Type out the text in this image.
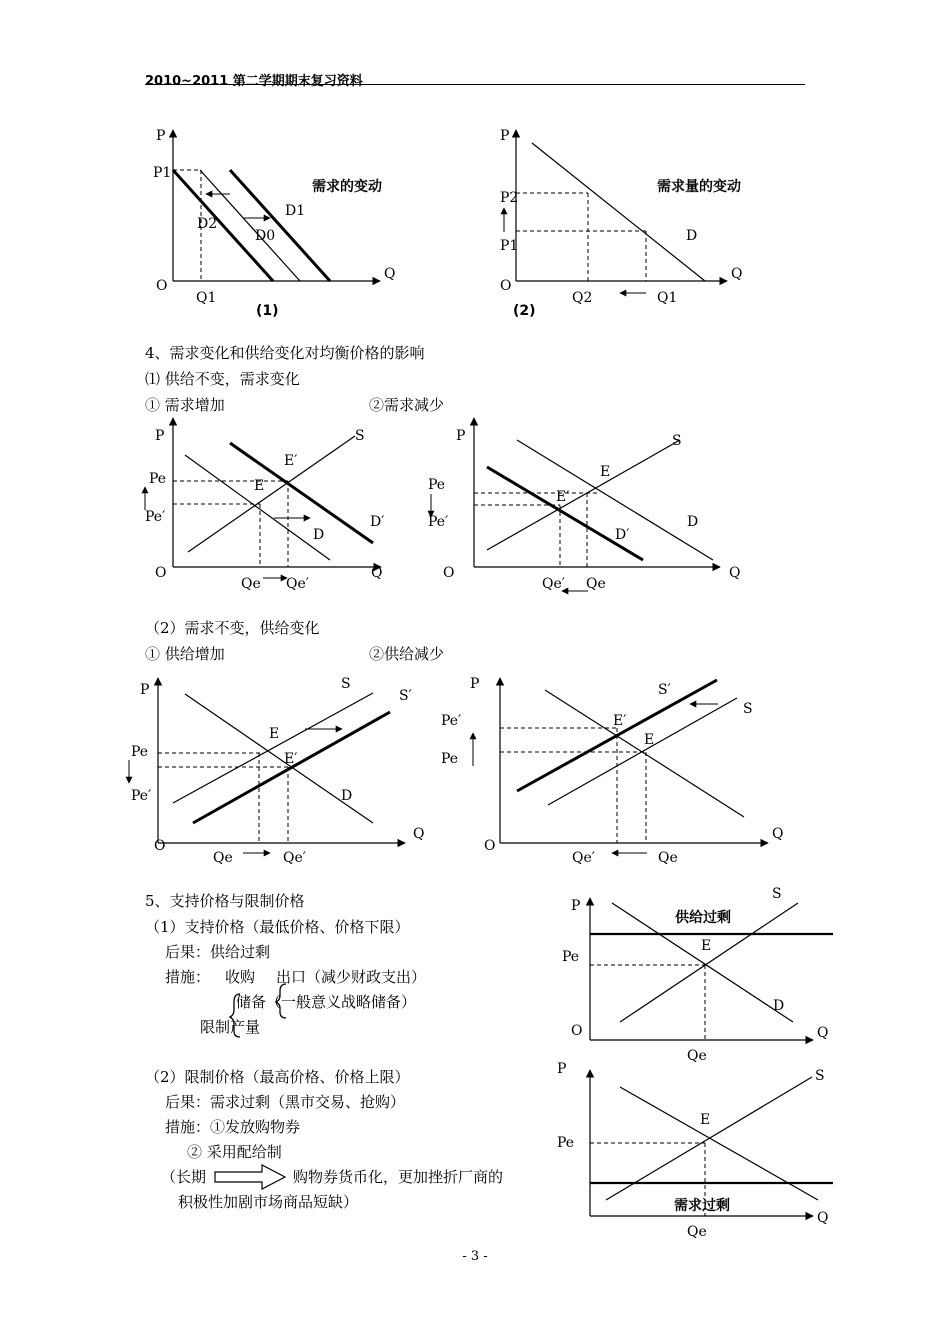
2010~2011 第二学期期末复习资料
P
P1
O
Q
Q1
D1
D2
D0
需求的变动
(1)
P
P2
P1
O
Q
Q2	Q1
D
需求量的变动
(2)
P	S
E′
Pe	E
Pe′	D′
D
O	Q
Qe Qe′
P	S
E
Pe
E′
Pe′	D
D′
O	Q
Qe′ Qe
P	S
S′
E
Pe	E′
Pe′	D
O
Q
Qe	Qe′
P	S′
S
Pe′	E′
E
Pe
O
Q
Qe′	Qe
P
S
供给过剩
E
Pe
D
O	Q
Qe
P	S
E
Pe
需求过剩
Q
Qe
4、需求变化和供给变化对均衡价格的影响
⑴ 供给不变，需求变化
① 需求增加	②需求减少
（2）需求不变，供给变化
① 供给增加	②供给减少
5、支持价格与限制价格
（1）支持价格（最低价格、价格下限）
后果：供给过剩
措施： 收购 出口（减少财政支出）
储备（一般意义战略储备）
限制产量
（2）限制价格（最高价格、价格上限）
后果：需求过剩（黑市交易、抢购）
措施：①发放购物券
② 采用配给制
（长期	购物券货币化，更加挫折厂商的
积极性加剧市场商品短缺）
- 3 -
